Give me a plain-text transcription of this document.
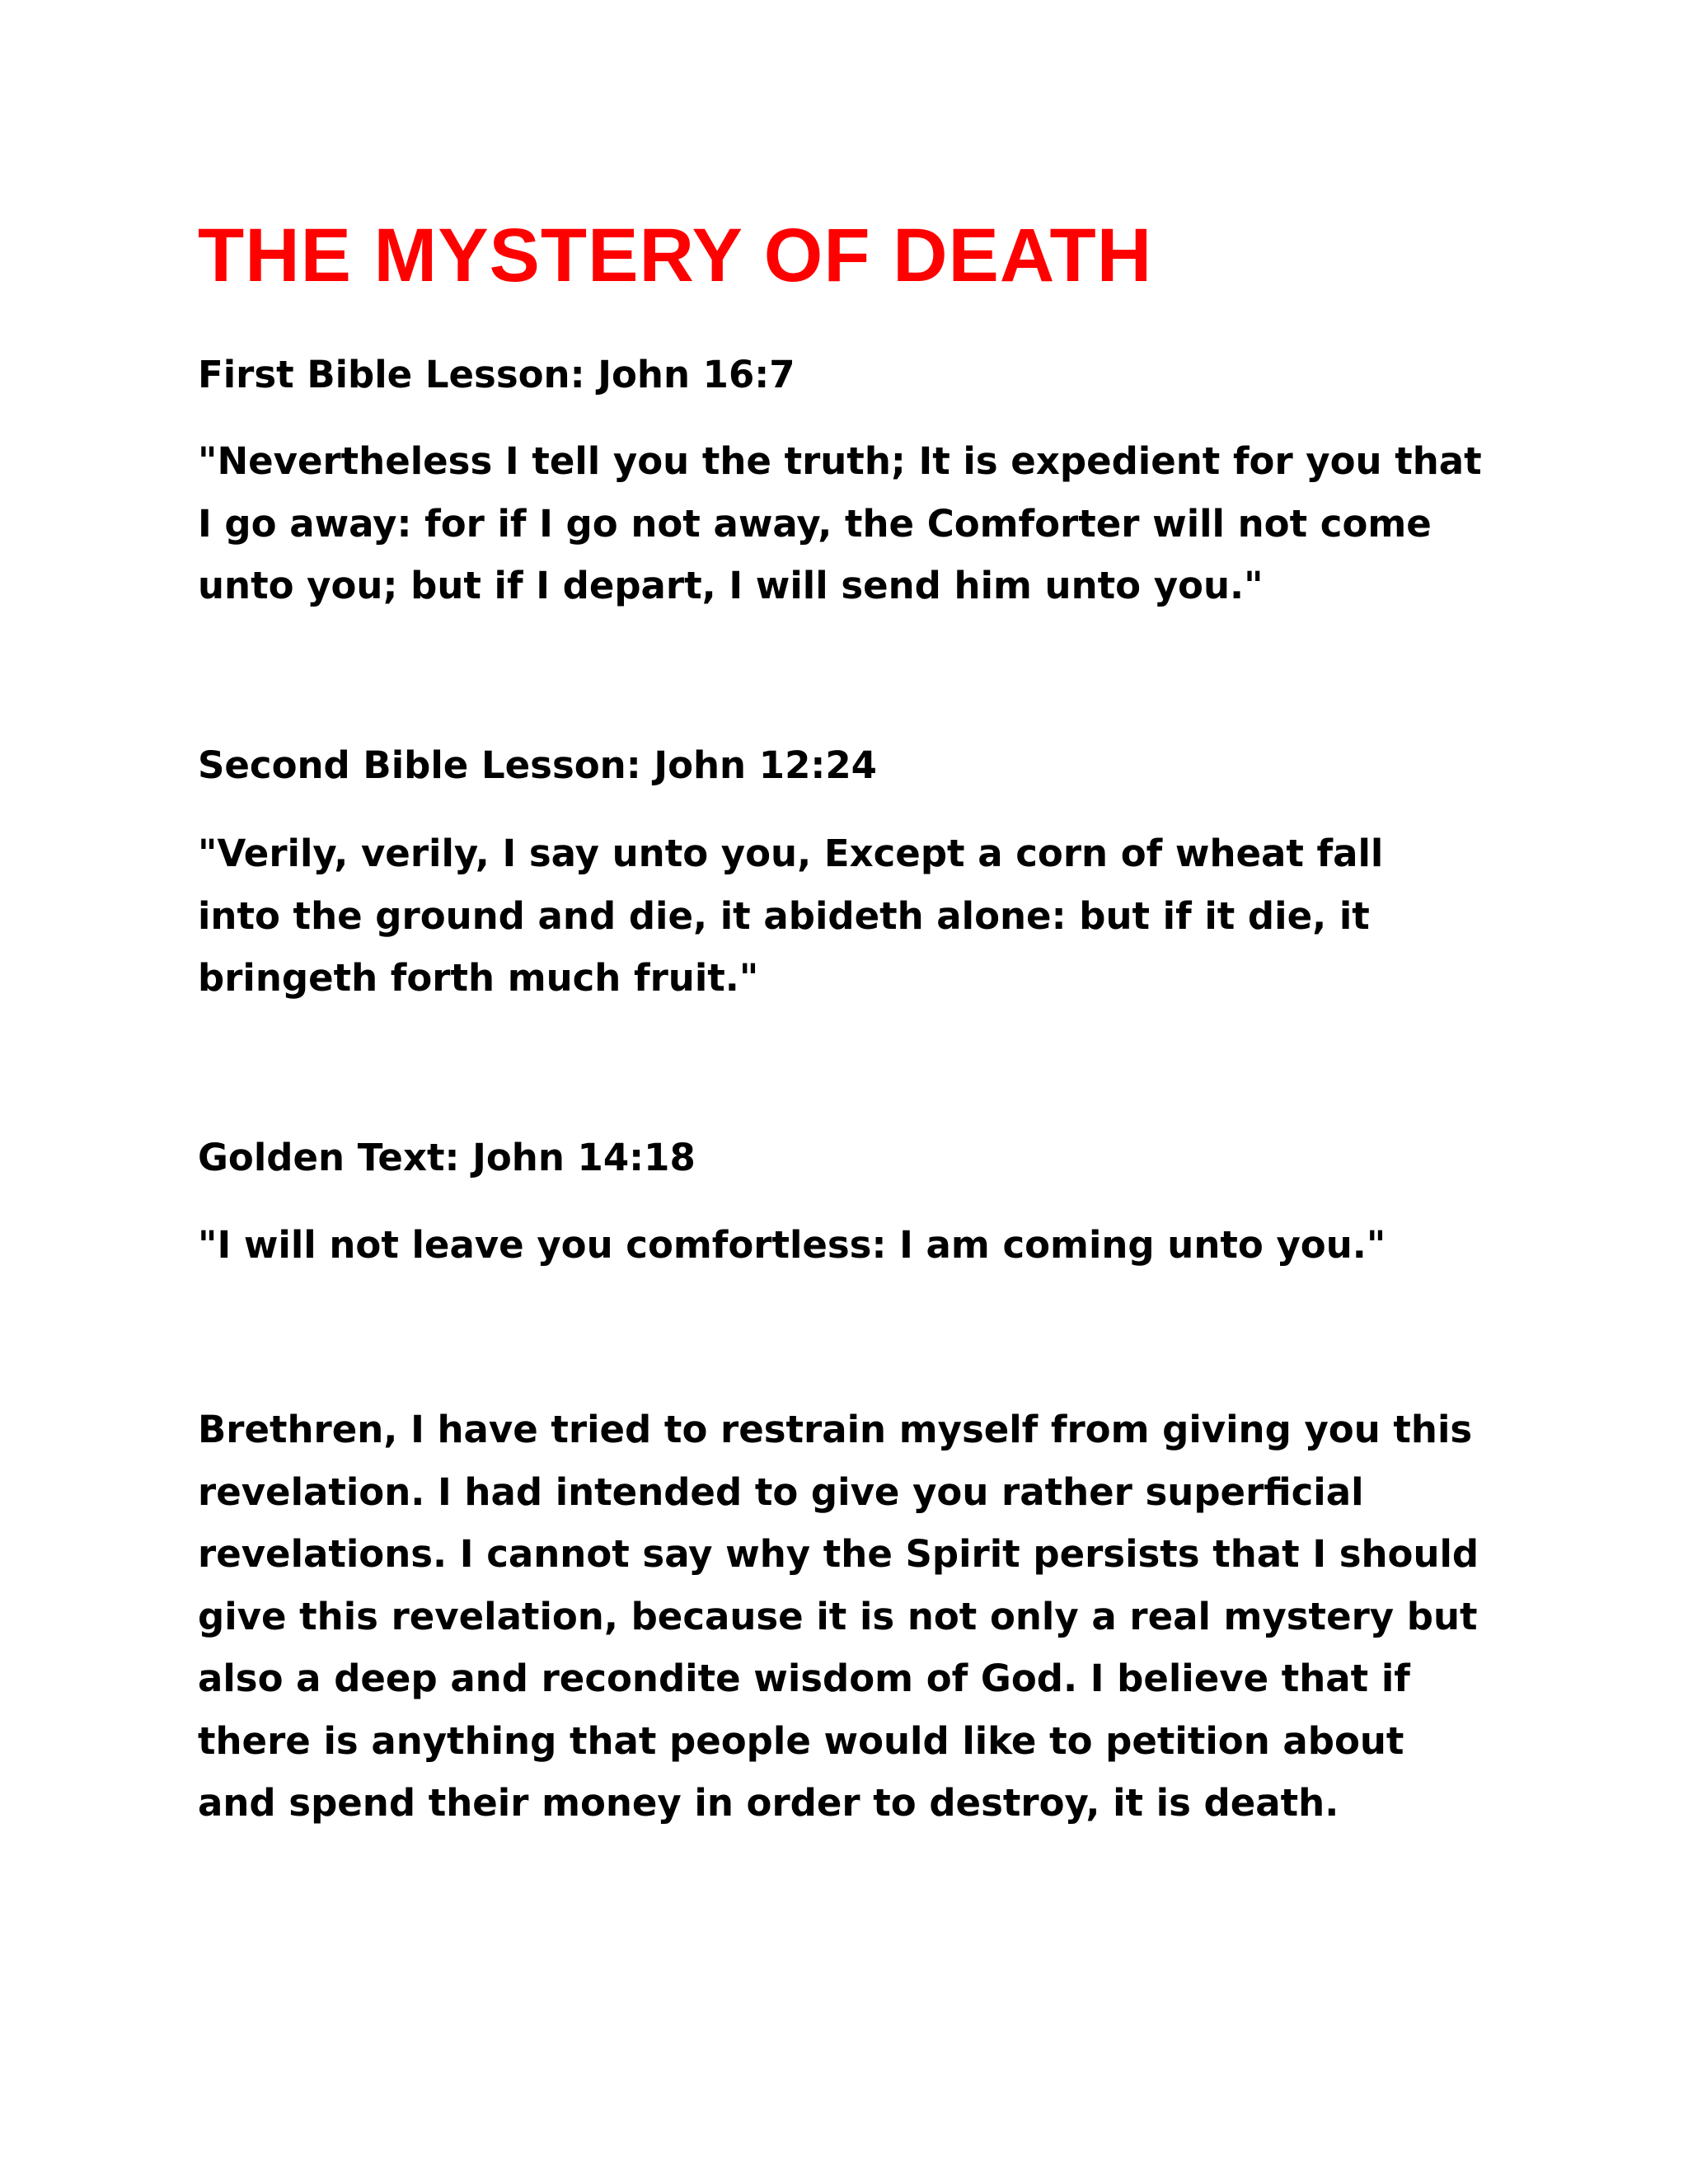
THE MYSTERY OF DEATH
First Bible Lesson: John 16:7

"Nevertheless I tell you the truth; It is expedient for you that
I go away: for if I go not away, the Comforter will not come
unto you; but if I depart, I will send him unto you."

Second Bible Lesson: John 12:24

"Verily, verily, I say unto you, Except a corn of wheat fall
into the ground and die, it abideth alone: but if it die, it
bringeth forth much fruit."

Golden Text: John 14:18

"I will not leave you comfortless: I am coming unto you."

Brethren, I have tried to restrain myself from giving you this
revelation. I had intended to give you rather superficial
revelations. I cannot say why the Spirit persists that I should
give this revelation, because it is not only a real mystery but
also a deep and recondite wisdom of God. I believe that if
there is anything that people would like to petition about
and spend their money in order to destroy, it is death.
